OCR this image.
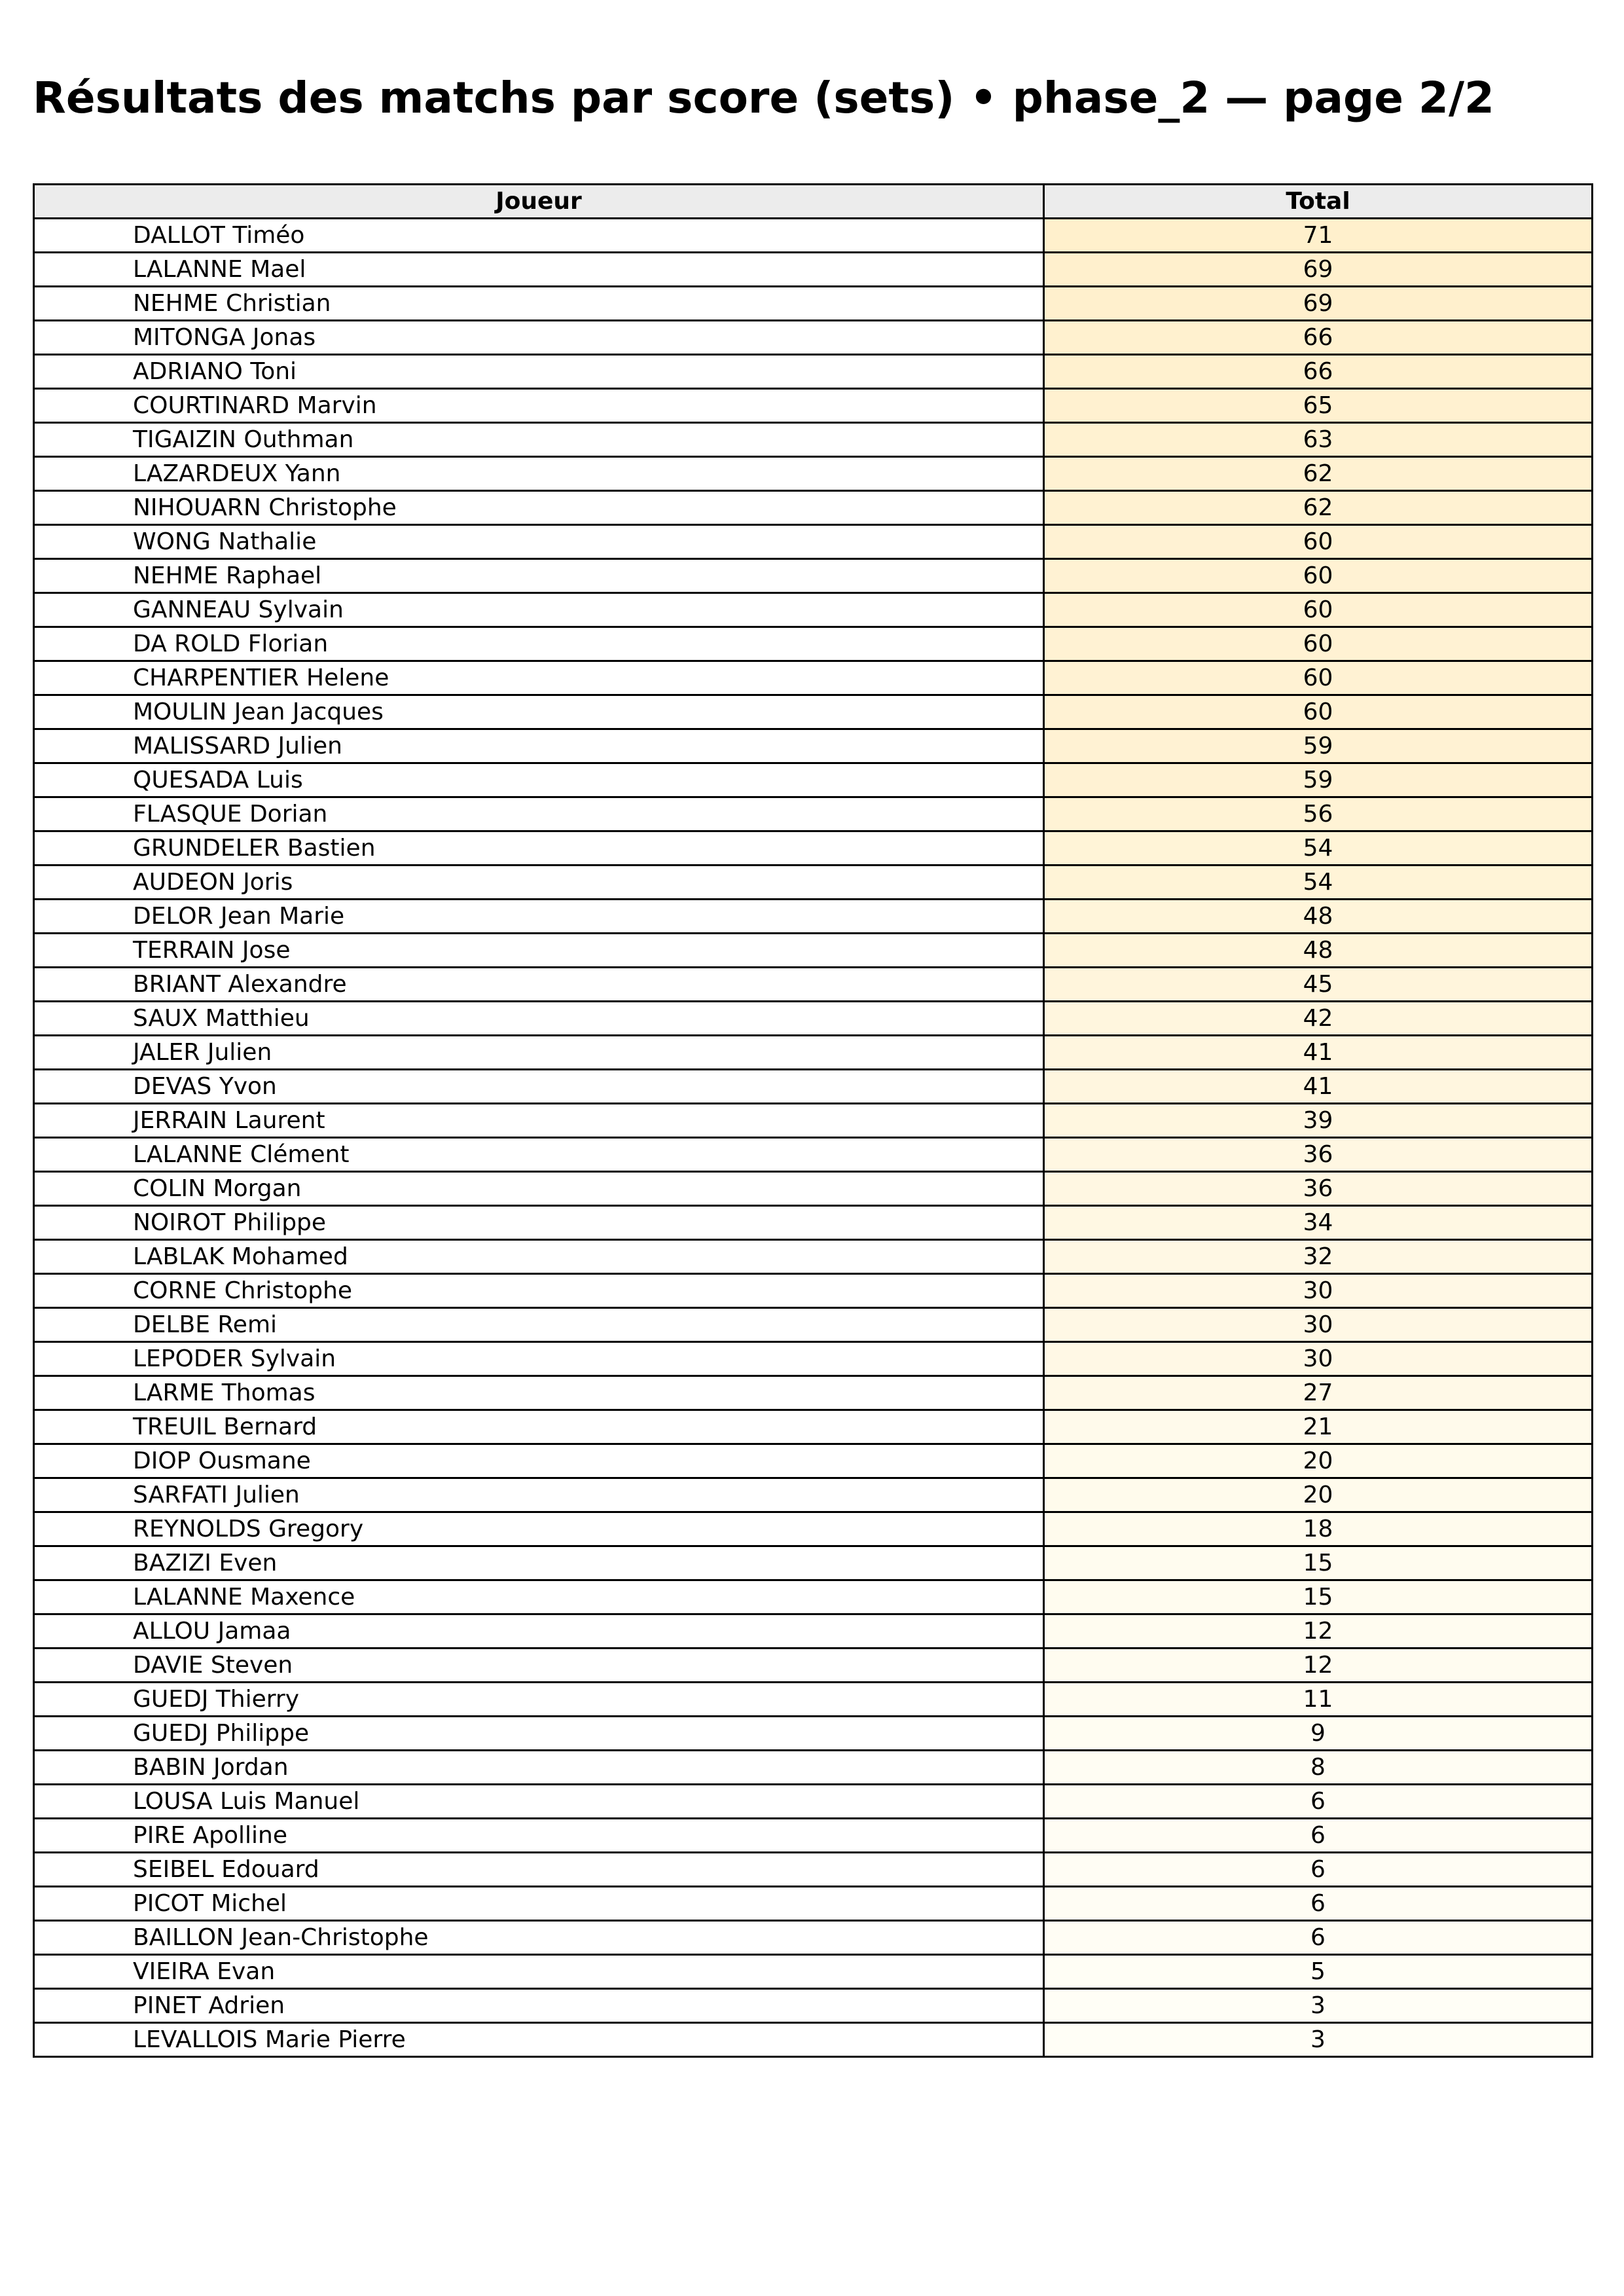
Résultats des matchs par score (sets) • phase_2 — page 2/2
Joueur	Total
DALLOT Timéo	71
LALANNE Mael	69
NEHME Christian	69
MITONGA Jonas	66
ADRIANO Toni	66
COURTINARD Marvin	65
TIGAIZIN Outhman	63
LAZARDEUX Yann	62
NIHOUARN Christophe	62
WONG Nathalie	60
NEHME Raphael	60
GANNEAU Sylvain	60
DA ROLD Florian	60
CHARPENTIER Helene	60
MOULIN Jean Jacques	60
MALISSARD Julien	59
QUESADA Luis	59
FLASQUE Dorian	56
GRUNDELER Bastien	54
AUDEON Joris	54
DELOR Jean Marie	48
TERRAIN Jose	48
BRIANT Alexandre	45
SAUX Matthieu	42
JALER Julien	41
DEVAS Yvon	41
JERRAIN Laurent	39
LALANNE Clément	36
COLIN Morgan	36
NOIROT Philippe	34
LABLAK Mohamed	32
CORNE Christophe	30
DELBE Remi	30
LEPODER Sylvain	30
LARME Thomas	27
TREUIL Bernard	21
DIOP Ousmane	20
SARFATI Julien	20
REYNOLDS Gregory	18
BAZIZI Even	15
LALANNE Maxence	15
ALLOU Jamaa	12
DAVIE Steven	12
GUEDJ Thierry	11
GUEDJ Philippe	9
BABIN Jordan	8
LOUSA Luis Manuel	6
PIRE Apolline	6
SEIBEL Edouard	6
PICOT Michel	6
BAILLON Jean-Christophe	6
VIEIRA Evan	5
PINET Adrien	3
LEVALLOIS Marie Pierre	3
